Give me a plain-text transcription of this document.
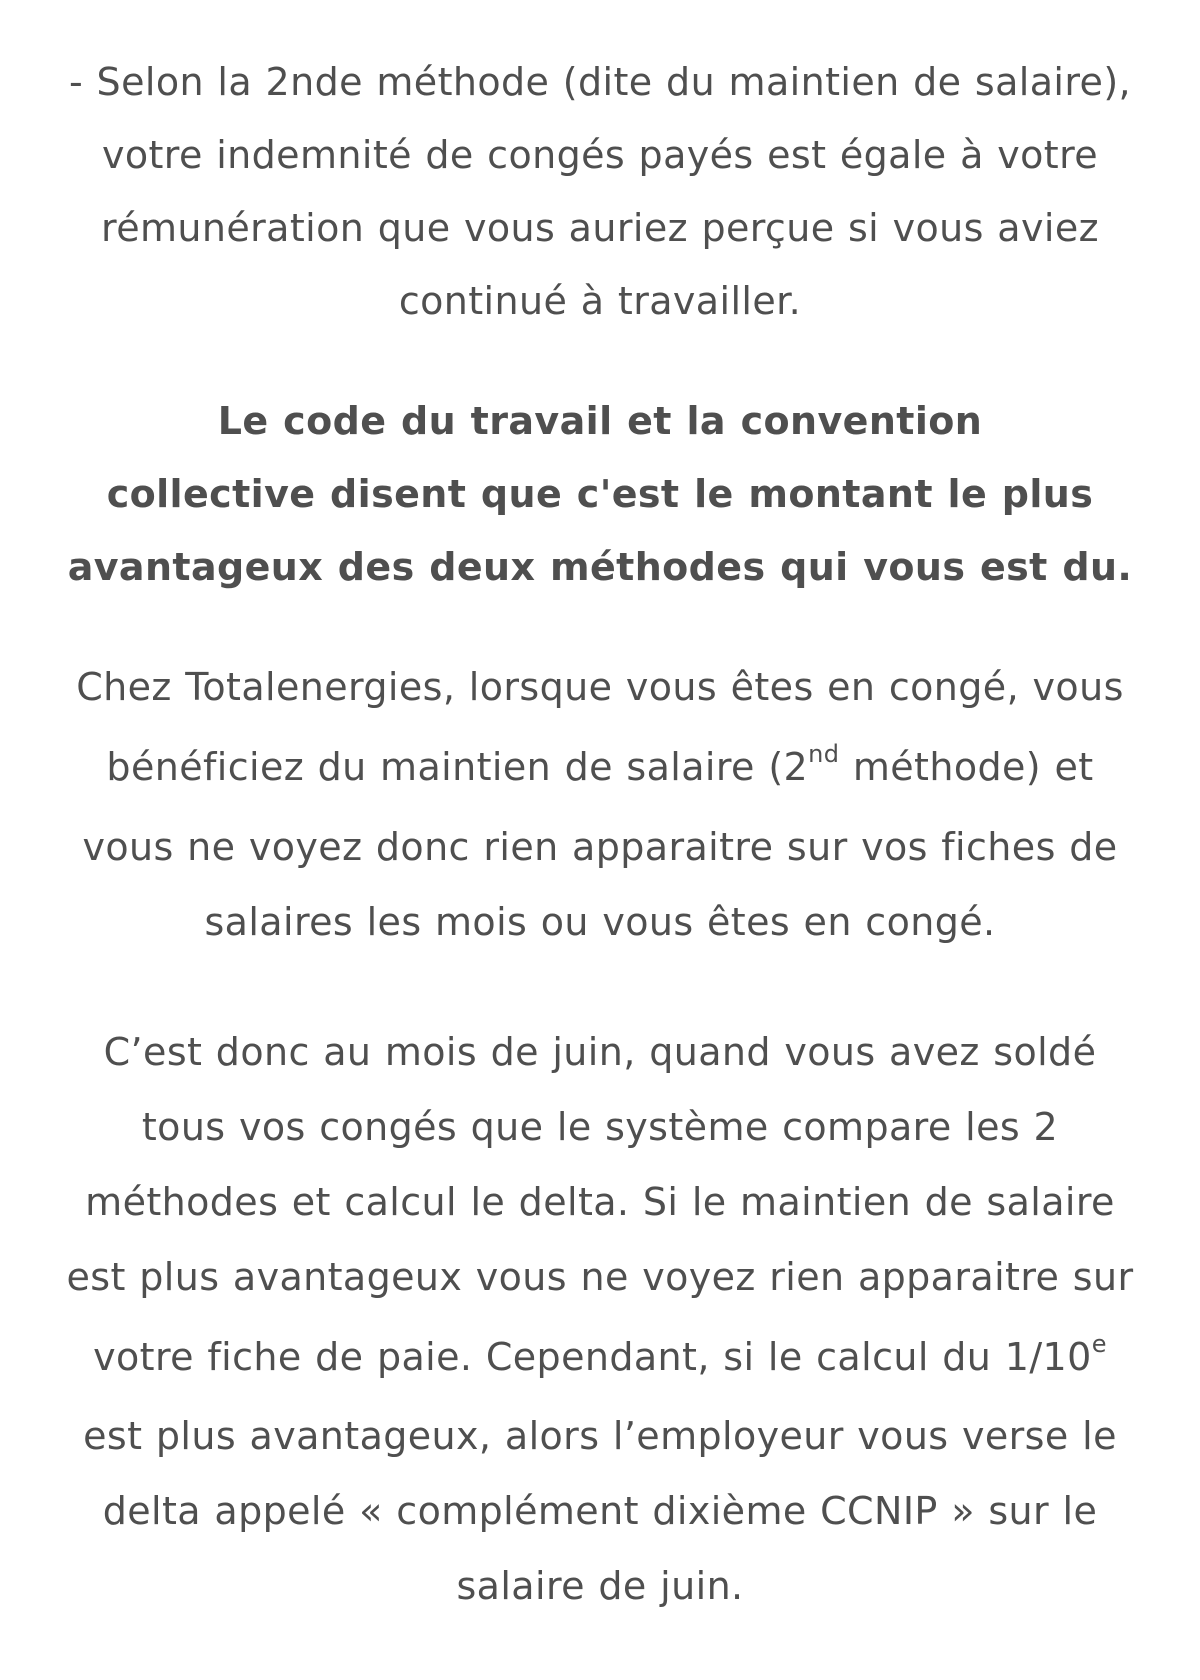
- Selon la 2nde méthode (dite du maintien de salaire),
votre indemnité de congés payés est égale à votre
rémunération que vous auriez perçue si vous aviez
continué à travailler.
Le code du travail et la convention
collective disent que c'est le montant le plus
avantageux des deux méthodes qui vous est du.
Chez Totalenergies, lorsque vous êtes en congé, vous
bénéficiez du maintien de salaire (2nd méthode) et
vous ne voyez donc rien apparaitre sur vos fiches de
salaires les mois ou vous êtes en congé.
C’est donc au mois de juin, quand vous avez soldé
tous vos congés que le système compare les 2
méthodes et calcul le delta. Si le maintien de salaire
est plus avantageux vous ne voyez rien apparaitre sur
votre fiche de paie. Cependant, si le calcul du 1/10e
est plus avantageux, alors l’employeur vous verse le
delta appelé « complément dixième CCNIP » sur le
salaire de juin.
